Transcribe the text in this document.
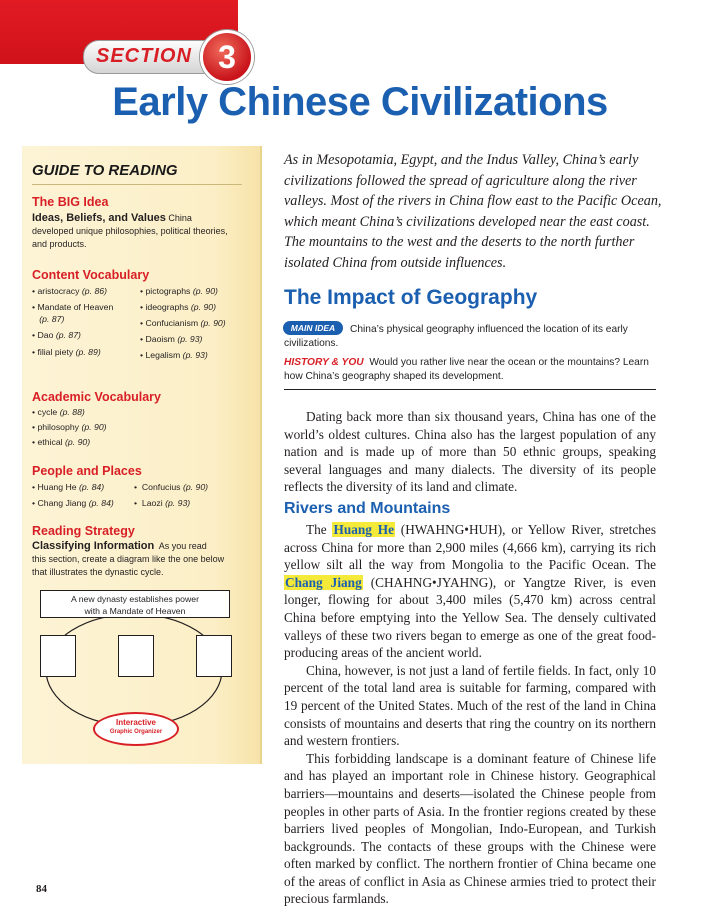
SECTION 3
Early Chinese Civilizations
GUIDE TO READING
The BIG Idea
Ideas, Beliefs, and Values China
developed unique philosophies, political theories,
and products.
Content Vocabulary
• aristocracy (p. 86)
• Mandate of Heaven
(p. 87)
• Dao (p. 87)
• filial piety (p. 89)
• pictographs (p. 90)
• ideographs (p. 90)
• Confucianism (p. 90)
• Daoism (p. 93)
• Legalism (p. 93)
Academic Vocabulary
• cycle (p. 88)
• philosophy (p. 90)
• ethical (p. 90)
People and Places
• Huang He (p. 84)	•  Confucius (p. 90)
• Chang Jiang (p. 84) •  Laozi (p. 93)
Reading Strategy
Classifying Information As you read
this section, create a diagram like the one below
that illustrates the dynastic cycle.
A new dynasty establishes power
with a Mandate of Heaven
Interactive
Graphic Organizer
As in Mesopotamia, Egypt, and the Indus Valley, China’s early civilizations followed the spread of agriculture along the river valleys. Most of the rivers in China flow east to the Pacific Ocean, which meant China’s civilizations developed near the east coast. The mountains to the west and the deserts to the north further isolated China from outside influences.
The Impact of Geography
China’s physical geography influenced the location of its early civilizations.
MAIN IDEA
HISTORY & YOU Would you rather live near the ocean or the mountains? Learn how China’s geography shaped its development.

Dating back more than six thousand years, China has one of the world’s oldest cultures. China also has the largest population of any nation and is made up of more than 50 ethnic groups, speaking several languages and many dialects. The diversity of its people reflects the diversity of its land and climate.

Rivers and Mountains

The Huang He (HWAHNG•HUH), or Yellow River, stretches across China for more than 2,900 miles (4,666 km), carrying its rich yellow silt all the way from Mongolia to the Pacific Ocean. The Chang Jiang (CHAHNG•JYAHNG), or Yangtze River, is even longer, flowing for about 3,400 miles (5,470 km) across central China before emptying into the Yellow Sea. The densely cultivated valleys of these two rivers began to emerge as one of the great food-producing areas of the ancient world.

China, however, is not just a land of fertile fields. In fact, only 10 percent of the total land area is suitable for farming, compared with 19 percent of the United States. Much of the rest of the land in China consists of mountains and deserts that ring the country on its northern and western frontiers.

This forbidding landscape is a dominant feature of Chinese life and has played an important role in Chinese history. Geographical barriers—mountains and deserts—isolated the Chinese people from peoples in other parts of Asia. In the frontier regions created by these barriers lived peoples of Mongolian, Indo-European, and Turkish backgrounds. The contacts of these groups with the Chinese were often marked by conflict. The northern frontier of China became one of the areas of conflict in Asia as Chinese armies tried to protect their precious farmlands.

84
